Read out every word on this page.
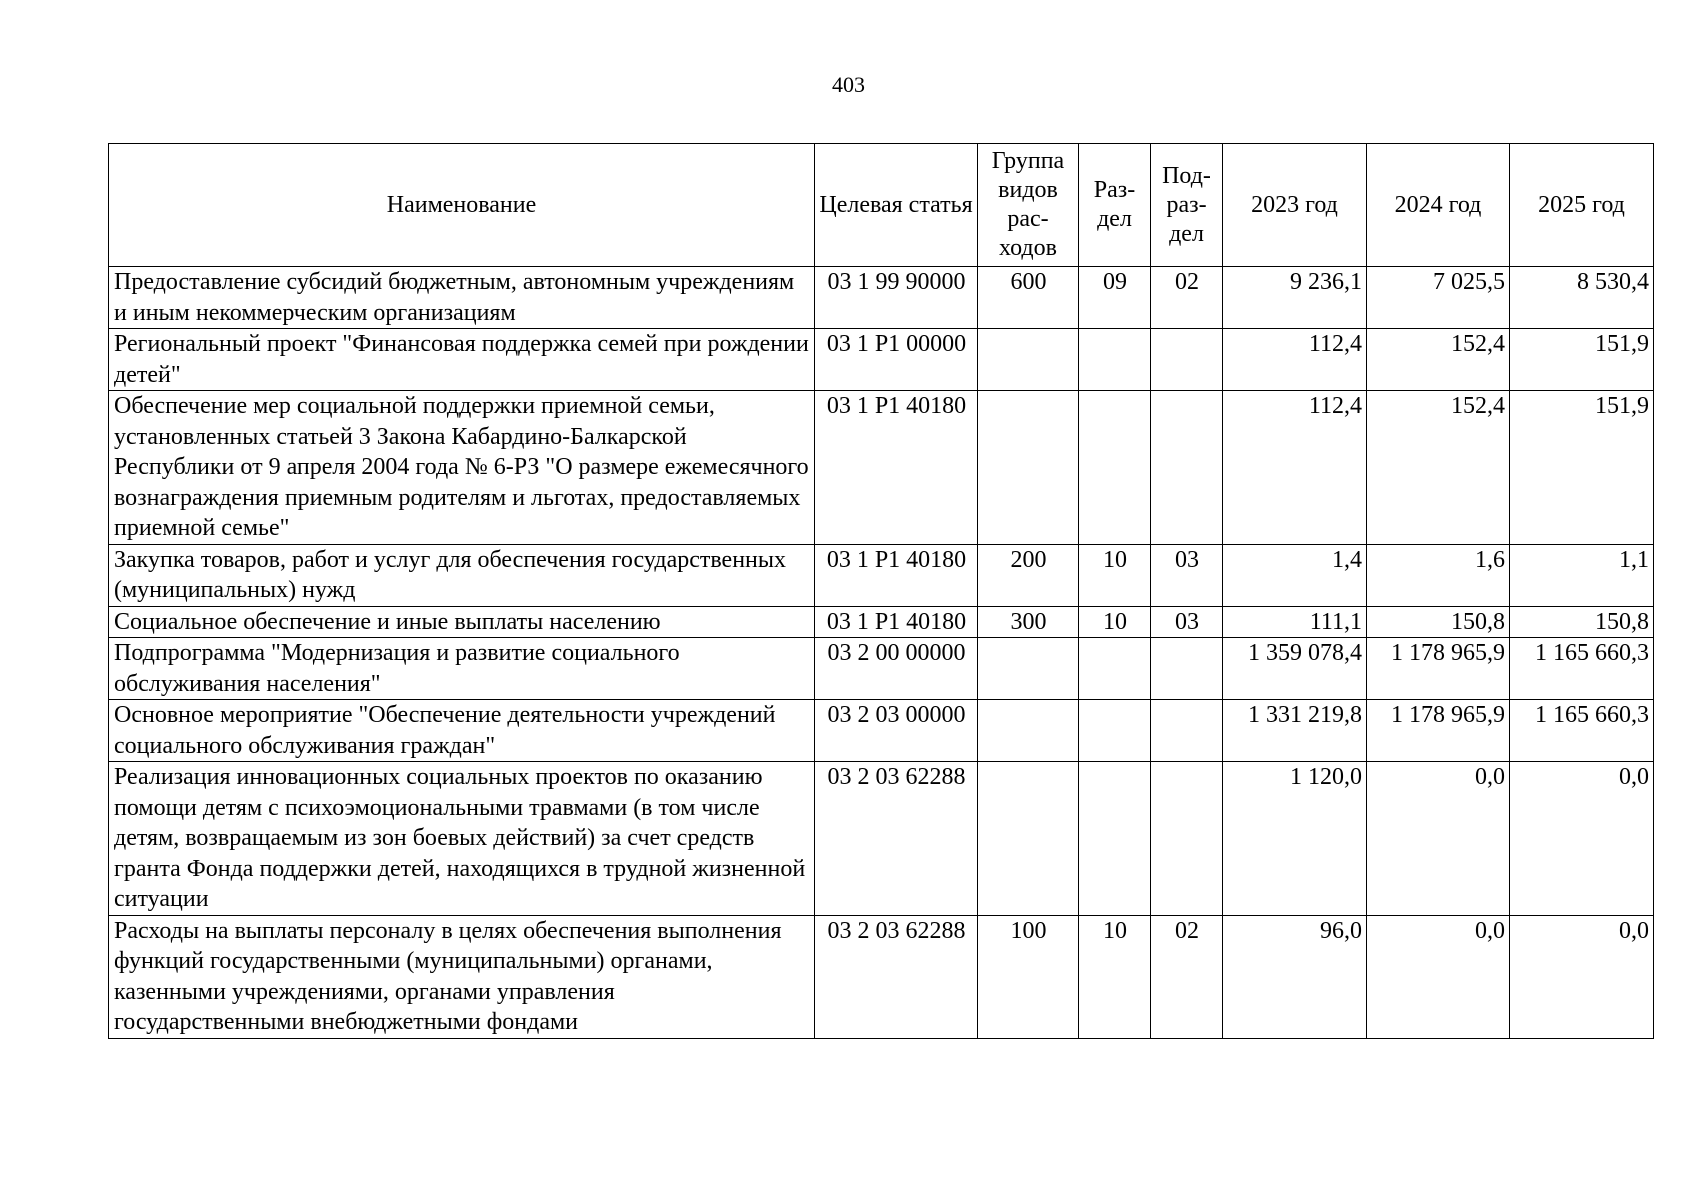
403
Наименование	Целевая статья	Группа видов рас-ходов	Раз-дел	Под-раз-дел	2023 год	2024 год	2025 год
Предоставление субсидий бюджетным, автономным учреждениям и иным некоммерческим организациям	03 1 99 90000	600	09	02	9 236,1	7 025,5	8 530,4
Региональный проект "Финансовая поддержка семей при рождении детей"	03 1 Р1 00000				112,4	152,4	151,9
Обеспечение мер социальной поддержки приемной семьи, установленных статьей 3 Закона Кабардино-Балкарской Республики от 9 апреля 2004 года № 6-РЗ "О размере ежемесячного вознаграждения приемным родителям и льготах, предоставляемых приемной семье"	03 1 Р1 40180				112,4	152,4	151,9
Закупка товаров, работ и услуг для обеспечения государственных (муниципальных) нужд	03 1 Р1 40180	200	10	03	1,4	1,6	1,1
Социальное обеспечение и иные выплаты населению	03 1 Р1 40180	300	10	03	111,1	150,8	150,8
Подпрограмма "Модернизация и развитие социального обслуживания населения"	03 2 00 00000				1 359 078,4	1 178 965,9	1 165 660,3
Основное мероприятие "Обеспечение деятельности учреждений социального обслуживания граждан"	03 2 03 00000				1 331 219,8	1 178 965,9	1 165 660,3
Реализация инновационных социальных проектов по оказанию помощи детям с психоэмоциональными травмами (в том числе детям, возвращаемым из зон боевых действий) за счет средств гранта Фонда поддержки детей, находящихся в трудной жизненной ситуации	03 2 03 62288				1 120,0	0,0	0,0
Расходы на выплаты персоналу в целях обеспечения выполнения функций государственными (муниципальными) органами, казенными учреждениями, органами управления государственными внебюджетными фондами	03 2 03 62288	100	10	02	96,0	0,0	0,0
